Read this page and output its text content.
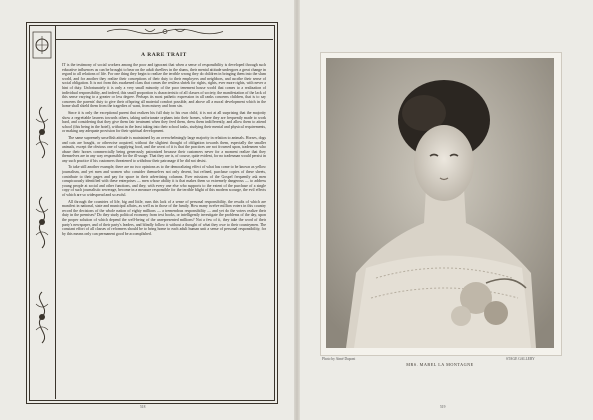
A RARE TRAIT

IT is the testimony of social workers among the poor and ignorant that when a sense of responsibility is developed through such educative influences as can be brought to bear on the adult dwellers in the slums, their mental attitude undergoes a great change in regard to all relations of life. For one thing they begin to realize the terrible wrong they do children in bringing them into the slum world, and for another they realize their conceptions of their duty to their employers and neighbors, and ascribe their sense of social obligation. It is not from this awakened class that comes the restless shriek for rights, rights, ever more rights, with never a hint of duty. Unfortunately it is only a very small minority of the poor tenement house world that comes to a realization of individual responsibility, and indeed, this small proportion is characteristic of all classes of society, the manifestation of the lack of this sense varying to a greater or less degree. Perhaps its most pathetic expression in all ranks concerns children, that is to say concerns the parents' duty to give their offspring all material comfort possible, and above all a moral development which in the home shall shield them from the tragedies of want, from misery and from sin.

Since it is only the exceptional parent that realizes his full duty to his own child, it is not at all surprising that the majority show a regrettable laxness towards others, taking unfortunate orphans into their homes, where they are frequently made to work hard, and considering that they give them fair treatment when they feed them, dress them indifferently, and allow them to attend school (this being in the hotel), without in the least taking into their school tasks, studying their mental and physical requirements, or making any adequate provision for their spiritual development.

The same supremely unselfish attitude is maintained by an overwhelmingly large majority in relation to animals. Horses, dogs and cats are bought, or otherwise acquired, without the slightest thought of obligation towards them, especially the smaller animals, except the obvious one of supplying food, and the worst of it is that the practices are not frowned upon, tradesmen who abuse their horses commercially being generously patronized because their customers never for a moment realize that they themselves are in any way responsible for the ill-usage. That they are is, of course, quite evident, for no tradesman would persist in any such practice if his customers threatened to withdraw their patronage if he did not desist.

To take still another example, there are no two opinions as to the demoralizing effect of what has come to be known as yellow journalism, and yet men and women who consider themselves not only decent, but refined, purchase copies of these sheets, contribute to their pages and pay for space in their advertising columns. Ever missions of the Gospel frequently ask men conspicuously identified with these enterprises — men whose ability it is that makes them so extremely dangerous — to address young people at social and other functions, and they, with every one else who supports to the extent of the purchase of a single copy of such journalistic sewerage, become in a measure responsible for the terrible blight of this modern scourge, the evil effects of which are so widespread and so awful.

All through the countries of life, big and little, runs this lack of a sense of personal responsibility, the results of which are manifest in national, state and municipal affairs, as well as in those of the family. How many twelve million voters in this country record the decisions of the whole nation of eighty millions — a tremendous responsibility — and yet do the voters realize their duty in the premises? Do they study political economy from text books, or intelligently investigate the problems of the day, upon the proper solution of which depend the well-being of the unrepresented millions? Not a few of it, they take the word of their party's newspaper, and of their party's leaders, and blindly follow it without a thought of what they owe to their countrymen. The constant effort of all classes of reformers should be to bring home to each adult human unit a sense of personal responsibility, for by this means only can permanent good be accomplished.

518
Photo by Aimé Dupont	STAGE GALLERY
MRS. MABEL LA MONTAGNE
519
